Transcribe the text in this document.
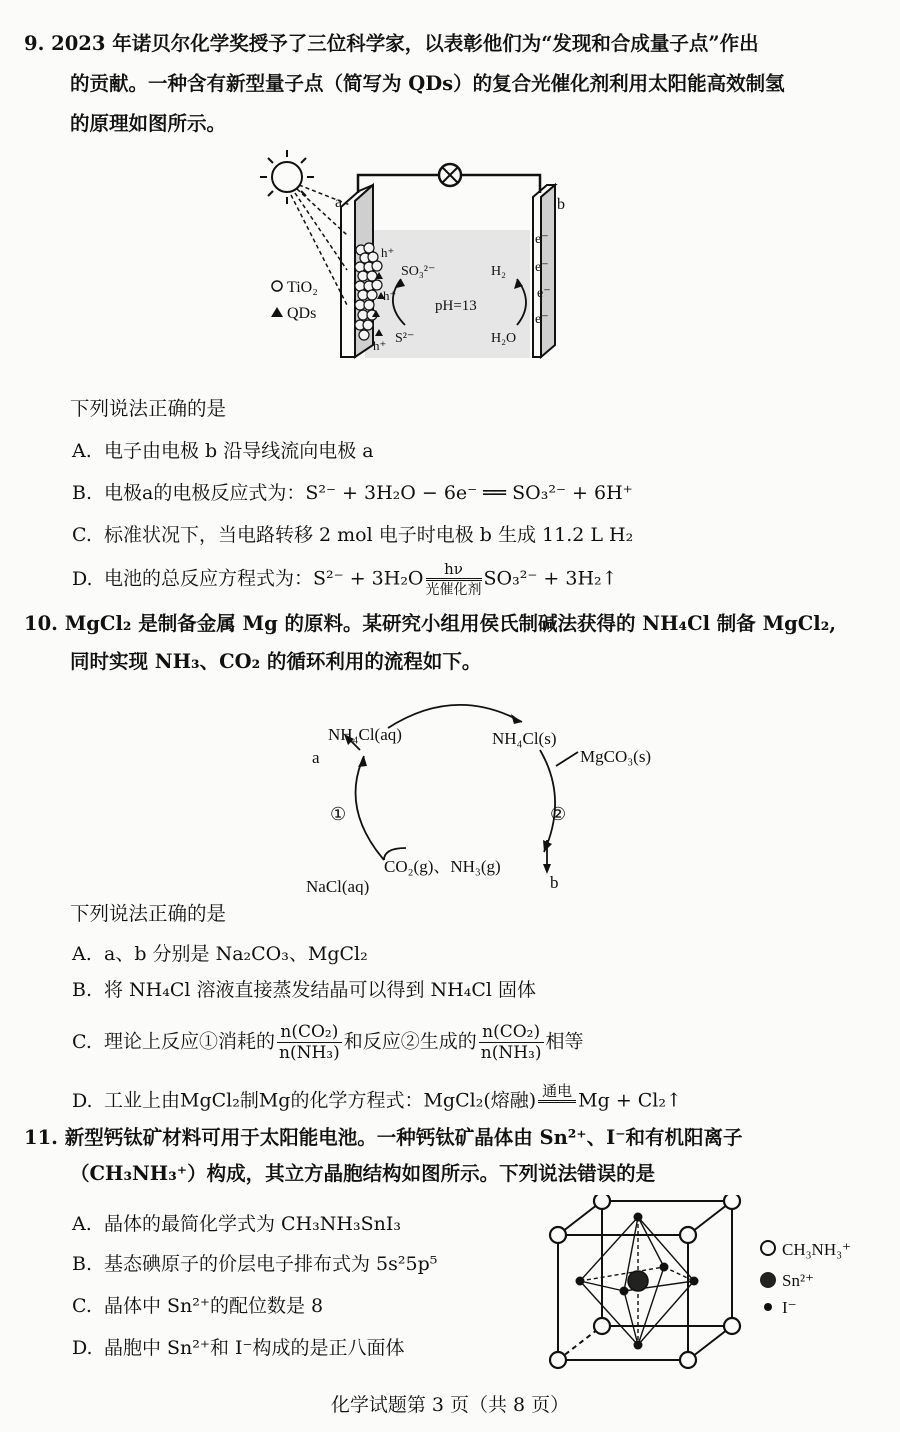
9. 2023 年诺贝尔化学奖授予了三位科学家，以表彰他们为“发现和合成量子点”作出
的贡献。一种含有新型量子点（简写为 QDs）的复合光催化剂利用太阳能高效制氢
的原理如图所示。
a	b
h⁺
h⁺
h⁺
SO₃²⁻
S²⁻
pH=13
H₂
H₂O
e⁻
e⁻
e⁻
e⁻
TiO₂
QDs
下列说法正确的是
A. 电子由电极 b 沿导线流向电极 a
B. 电极a的电极反应式为：S²⁻ + 3H₂O − 6e⁻ ══ SO₃²⁻ + 6H⁺
C. 标准状况下，当电路转移 2 mol 电子时电极 b 生成 11.2 L H₂
D. 电池的总反应方程式为：S²⁻ + 3H₂O	hν
光催化剂
SO₃²⁻ + 3H₂↑
10. MgCl₂ 是制备金属 Mg 的原料。某研究小组用侯氏制碱法获得的 NH₄Cl 制备 MgCl₂,
同时实现 NH₃、CO₂ 的循环利用的流程如下。
NH₄Cl(aq)	NH₄Cl(s)
MgCO₃(s)
a
b
①	②
CO₂(g)、NH₃(g)
NaCl(aq)
下列说法正确的是
A. a、b 分别是 Na₂CO₃、MgCl₂
B. 将 NH₄Cl 溶液直接蒸发结晶可以得到 NH₄Cl 固体
C. 理论上反应①消耗的 $\frac{\text{n(CO₂)}}{\text{n(NH₃)}}$ 和反应②生成的 $\frac{\text{n(CO₂)}}{\text{n(NH₃)}}$ 相等
D. 工业上由MgCl₂制Mg的化学方程式：MgCl₂(熔融) 通电
Mg + Cl₂↑
11. 新型钙钛矿材料可用于太阳能电池。一种钙钛矿晶体由 Sn²⁺、I⁻和有机阳离子
（CH₃NH₃⁺）构成，其立方晶胞结构如图所示。下列说法错误的是
A. 晶体的最简化学式为 CH₃NH₃SnI₃
B. 基态碘原子的价层电子排布式为 5s²5p⁵
C. 晶体中 Sn²⁺的配位数是 8
D. 晶胞中 Sn²⁺和 I⁻构成的是正八面体
CH₃NH₃⁺
Sn²⁺
I⁻
化学试题第 3 页（共 8 页）
